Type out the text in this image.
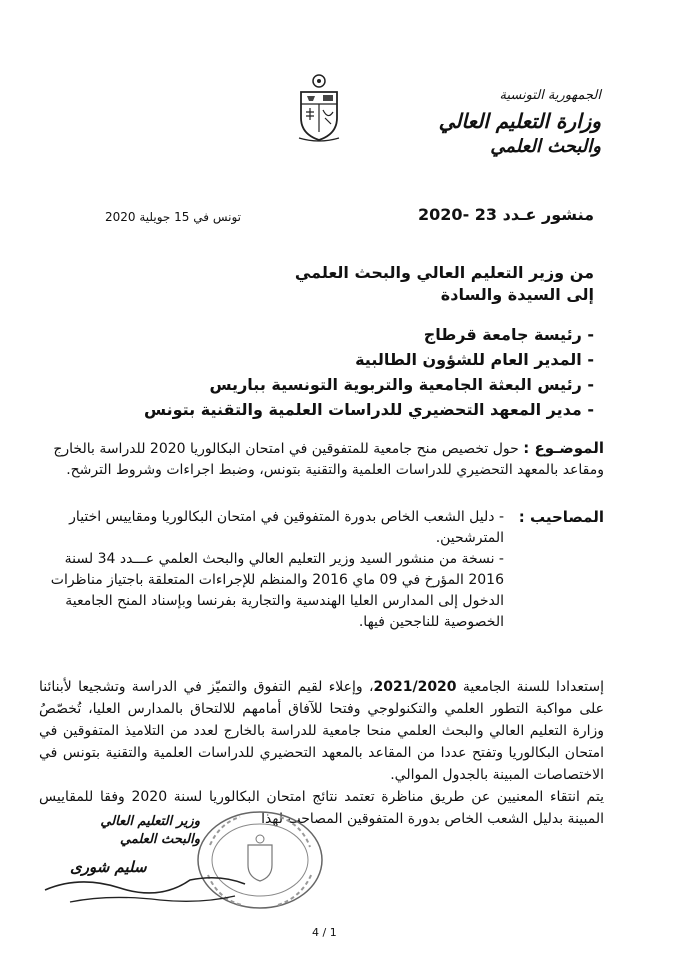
الجمهورية التونسية
وزارة التعليم العالي
والبحث العلمي
منشور عـدد 23 -2020
تونس في 15 جويلية 2020
من وزير التعليم العالي والبحث العلمي
إلى السيدة والسادة
- رئيسة جامعة قرطاج
- المدير العام للشؤون الطالبية
- رئيس البعثة الجامعية والتربوية التونسية بباريس
- مدير المعهد التحضيري للدراسات العلمية والتقنية بتونس
الموضـوع : حول تخصيص منح جامعية للمتفوقين في امتحان البكالوريا 2020 للدراسة بالخارج ومقاعد بالمعهد التحضيري للدراسات العلمية والتقنية بتونس، وضبط اجراءات وشروط الترشح.
المصاحيب :
- دليل الشعب الخاص بدورة المتفوقين في امتحان البكالوريا ومقاييس اختيار المترشحين.
- نسخة من منشور السيد وزير التعليم العالي والبحث العلمي عـــدد 34 لسنة 2016 المؤرخ في 09 ماي 2016 والمنظم للإجراءات المتعلقة باجتياز مناظرات الدخول إلى المدارس العليا الهندسية والتجارية بفرنسا وبإسناد المنح الجامعية الخصوصية للناجحين فيها.
إستعدادا للسنة الجامعية 2021/2020، وإعلاء لقيم التفوق والتميّز في الدراسة وتشجيعا لأبنائنا على مواكبة التطور العلمي والتكنولوجي وفتحا للآفاق أمامهم للالتحاق بالمدارس العليا، تُخصّصُ وزارة التعليم العالي والبحث العلمي منحا جامعية للدراسة بالخارج لعدد من التلاميذ المتفوقين في امتحان البكالوريا وتفتح عددا من المقاعد بالمعهد التحضيري للدراسات العلمية والتقنية بتونس في الاختصاصات المبينة بالجدول الموالي.
يتم انتقاء المعنيين عن طريق مناظرة تعتمد نتائج امتحان البكالوريا لسنة 2020 وفقا للمقاييس المبينة بدليل الشعب الخاص بدورة المتفوقين المصاحب لهذا
وزير التعليم العالي
والبحث العلمي
سليم شورى
4 / 1
